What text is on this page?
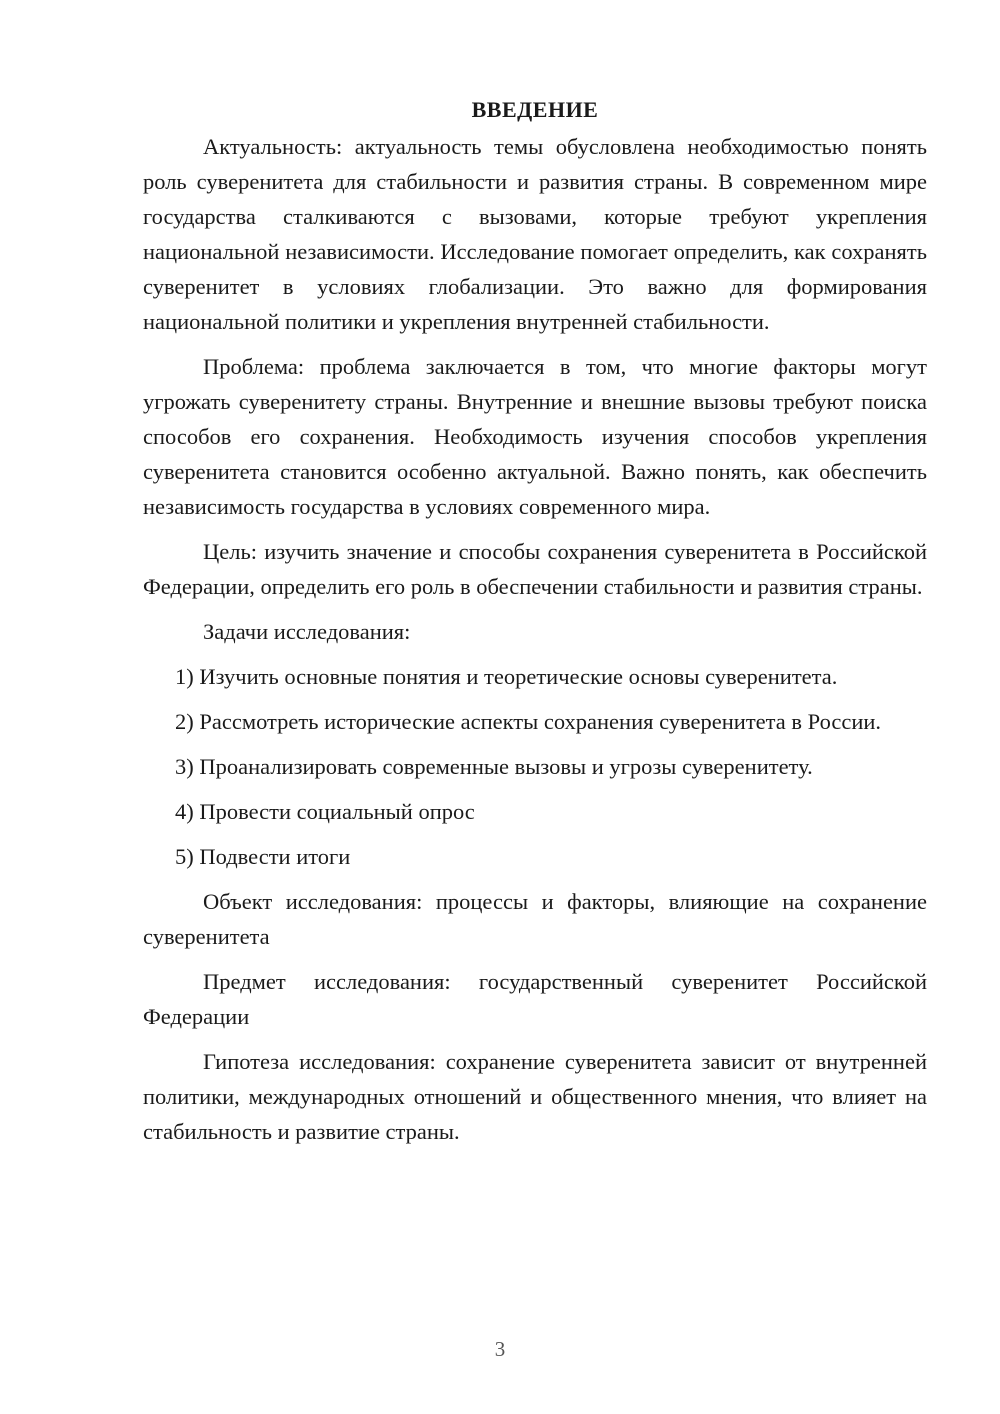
ВВЕДЕНИЕ

Актуальность: актуальность темы обусловлена необходимостью понять роль суверенитета для стабильности и развития страны. В современном мире государства сталкиваются с вызовами, которые требуют укрепления национальной независимости. Исследование помогает определить, как сохранять суверенитет в условиях глобализации. Это важно для формирования национальной политики и укрепления внутренней стабильности.

Проблема: проблема заключается в том, что многие факторы могут угрожать суверенитету страны. Внутренние и внешние вызовы требуют поиска способов его сохранения. Необходимость изучения способов укрепления суверенитета становится особенно актуальной. Важно понять, как обеспечить независимость государства в условиях современного мира.

Цель: изучить значение и способы сохранения суверенитета в Российской Федерации, определить его роль в обеспечении стабильности и развития страны.

Задачи исследования:

1) Изучить основные понятия и теоретические основы суверенитета.

2) Рассмотреть исторические аспекты сохранения суверенитета в России.

3) Проанализировать современные вызовы и угрозы суверенитету.

4) Провести социальный опрос

5) Подвести итоги

Объект исследования: процессы и факторы, влияющие на сохранение суверенитета

Предмет исследования: государственный суверенитет Российской Федерации

Гипотеза исследования: сохранение суверенитета зависит от внутренней политики, международных отношений и общественного мнения, что влияет на стабильность и развитие страны.

3
